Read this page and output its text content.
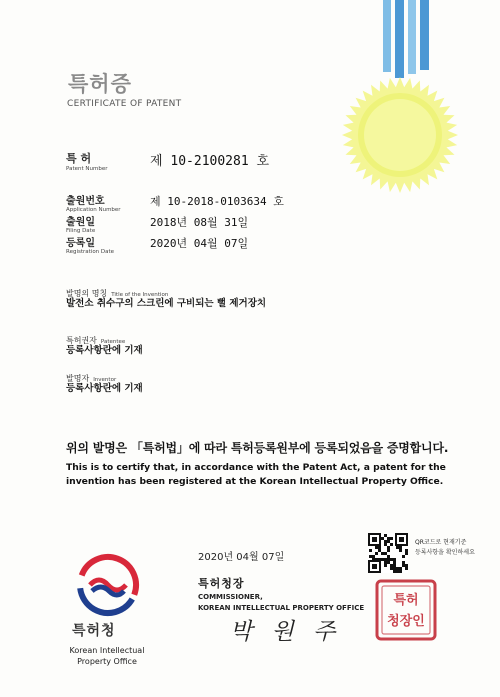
특허증
CERTIFICATE OF PATENT
특 허
Patent Number	제 10-2100281 호
출원번호
Application Number
제 10-2018-0103634 호
출원일
Filing Date
2018년 08월 31일
등록일
Registration Date
2020년 04월 07일
발명의 명칭 Title of the Invention
발전소 취수구의 스크린에 구비되는 뻘 제거장치
특허권자 Patentee
등록사항란에 기재
발명자 Inventor
등록사항란에 기재
위의 발명은 「특허법」에 따라 특허등록원부에 등록되었음을 증명합니다.
This is to certify that, in accordance with the Patent Act, a patent for the invention has been registered at the Korean Intellectual Property Office.
특허청
Korean Intellectual
Property Office
2020년 04월 07일
특허청장
COMMISSIONER,
KOREAN INTELLECTUAL PROPERTY OFFICE
박 원 주
QR코드로 현재기준
등록사항을 확인하세요
특허
청장인
